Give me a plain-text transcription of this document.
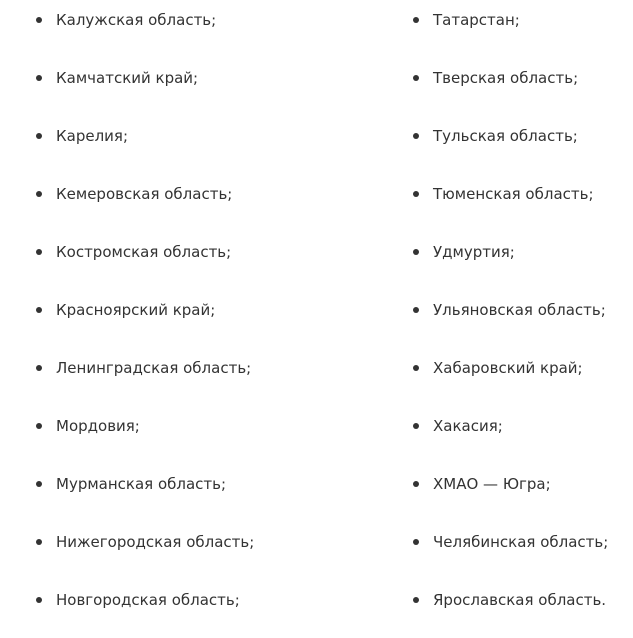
Калужская область;
Камчатский край;
Карелия;
Кемеровская область;
Костромская область;
Красноярский край;
Ленинградская область;
Мордовия;
Мурманская область;
Нижегородская область;
Новгородская область;
Татарстан;
Тверская область;
Тульская область;
Тюменская область;
Удмуртия;
Ульяновская область;
Хабаровский край;
Хакасия;
ХМАО — Югра;
Челябинская область;
Ярославская область.
